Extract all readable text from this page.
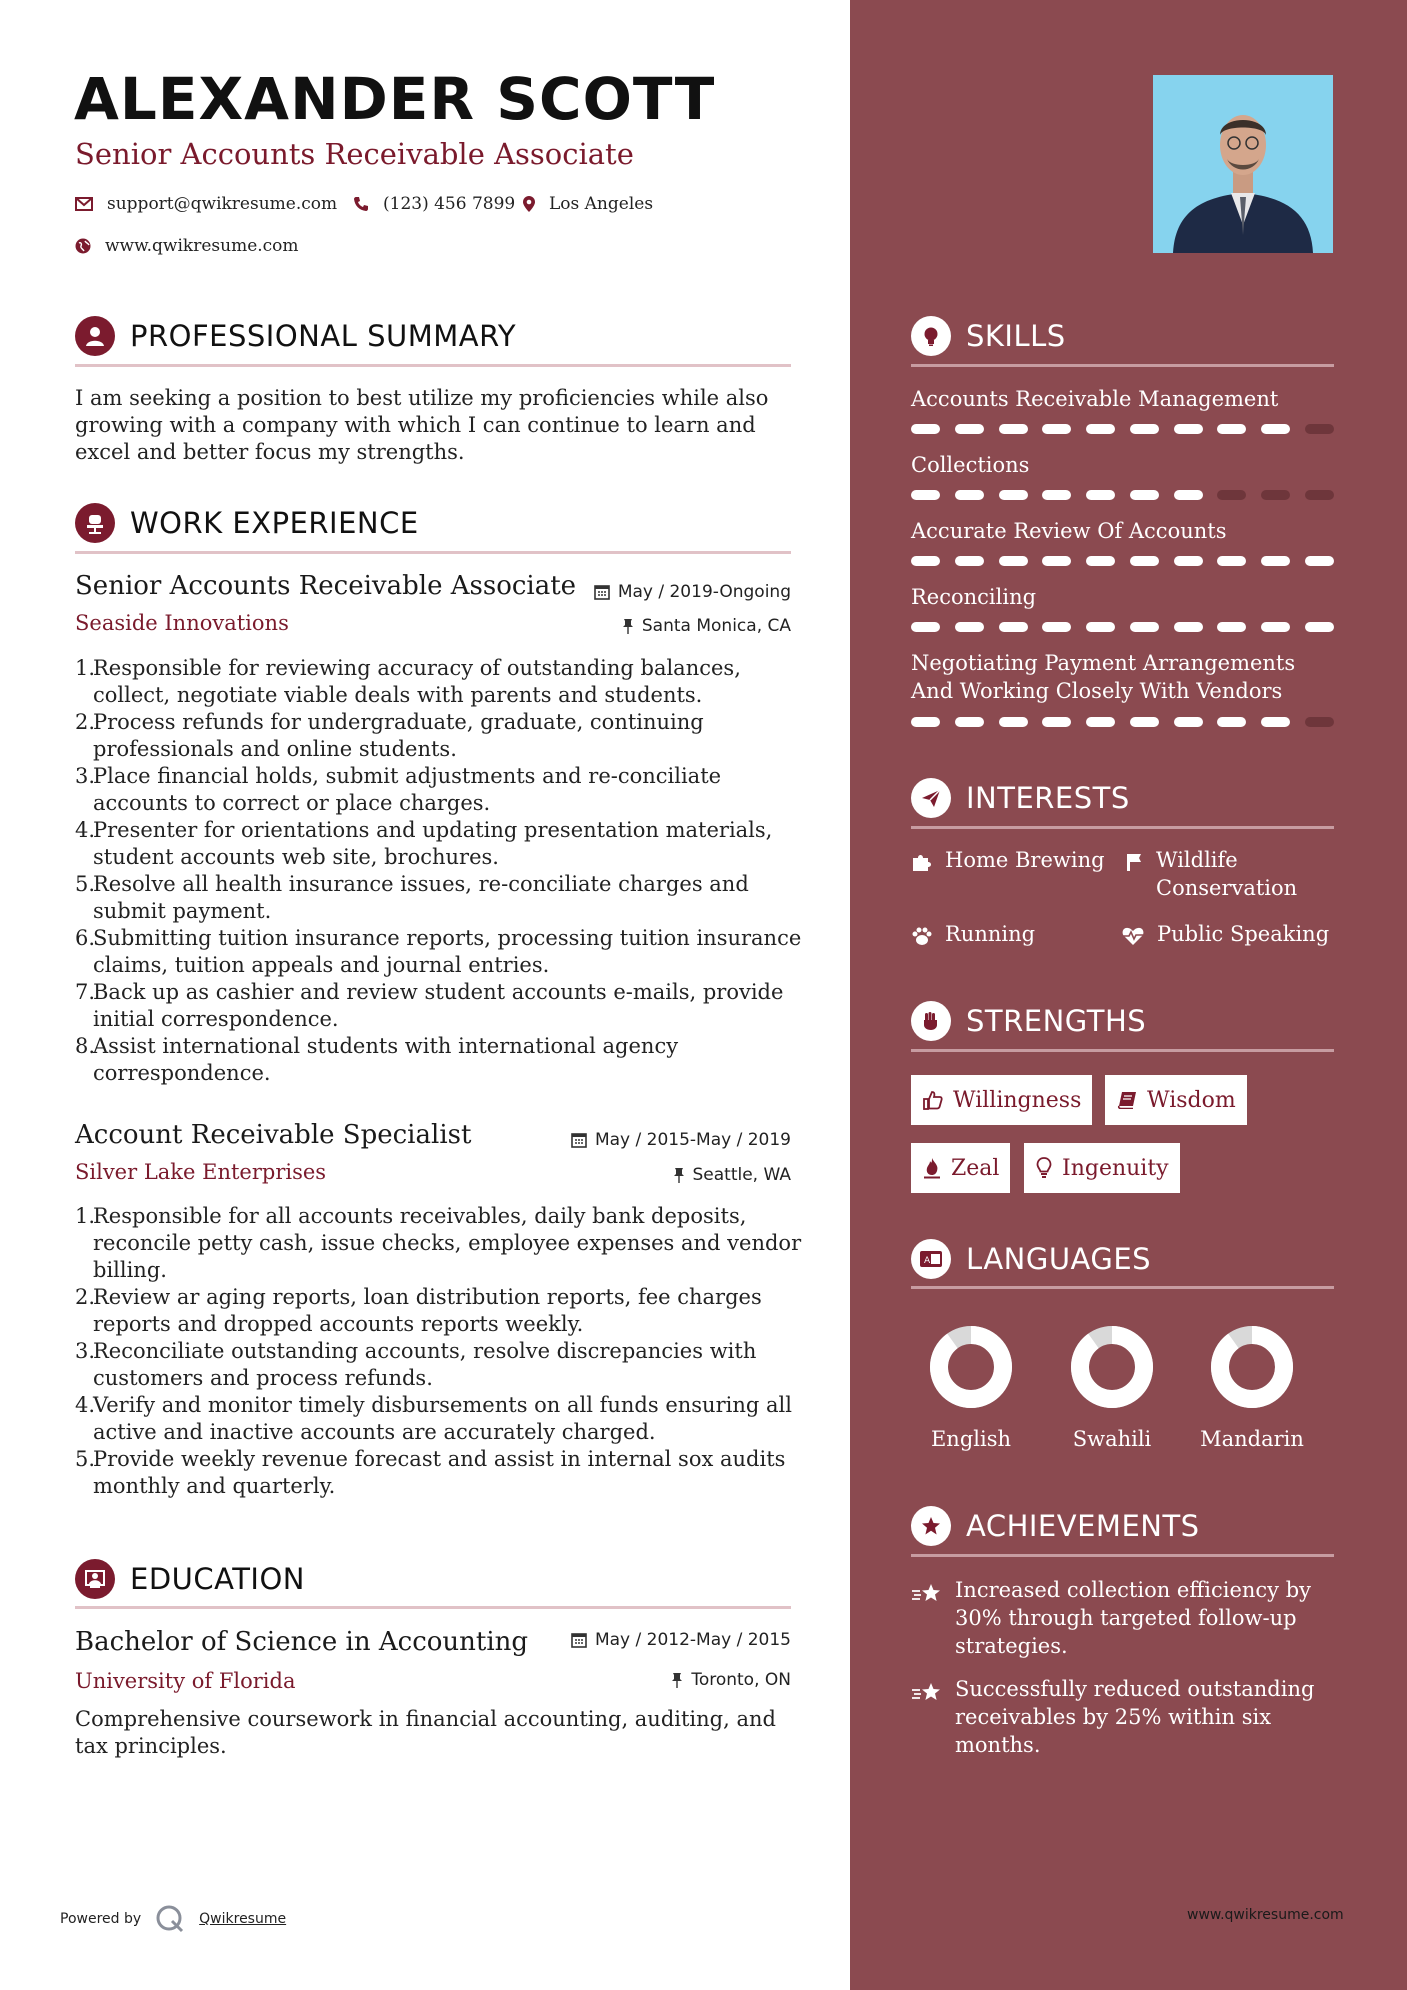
ALEXANDER SCOTT
Senior Accounts Receivable Associate
support@qwikresume.com	(123) 456 7899 Los Angeles
www.qwikresume.com
PROFESSIONAL SUMMARY
I am seeking a position to best utilize my proficiencies while also growing with a company with which I can continue to learn and excel and better focus my strengths.
WORK EXPERIENCE
Senior Accounts Receivable Associate May / 2019-Ongoing
Seaside Innovations	Santa Monica, CA
Responsible for reviewing accuracy of outstanding balances, collect, negotiate viable deals with parents and students.
Process refunds for undergraduate, graduate, continuing professionals and online students.
Place financial holds, submit adjustments and re-conciliate accounts to correct or place charges.
Presenter for orientations and updating presentation materials, student accounts web site, brochures.
Resolve all health insurance issues, re-conciliate charges and submit payment.
Submitting tuition insurance reports, processing tuition insurance claims, tuition appeals and journal entries.
Back up as cashier and review student accounts e-mails, provide initial correspondence.
Assist international students with international agency correspondence.
Account Receivable Specialist	May / 2015-May / 2019
Silver Lake Enterprises	Seattle, WA
Responsible for all accounts receivables, daily bank deposits, reconcile petty cash, issue checks, employee expenses and vendor billing.
Review ar aging reports, loan distribution reports, fee charges reports and dropped accounts reports weekly.
Reconciliate outstanding accounts, resolve discrepancies with customers and process refunds.
Verify and monitor timely disbursements on all funds ensuring all active and inactive accounts are accurately charged.
Provide weekly revenue forecast and assist in internal sox audits monthly and quarterly.
EDUCATION
Bachelor of Science in Accounting	May / 2012-May / 2015
University of Florida	Toronto, ON
Comprehensive coursework in financial accounting, auditing, and tax principles.
Powered by	Qwikresume	www.qwikresume.com
SKILLS
Accounts Receivable Management
Collections
Accurate Review Of Accounts
Reconciling
Negotiating Payment Arrangements And Working Closely With Vendors
INTERESTS
Home Brewing Wildlife Conservation
Running	Public Speaking
STRENGTHS
Willingness	Wisdom
Zeal	Ingenuity
A LANGUAGES
English	Swahili	Mandarin
ACHIEVEMENTS
Increased collection efficiency by 30% through targeted follow-up strategies.
Successfully reduced outstanding receivables by 25% within six months.
